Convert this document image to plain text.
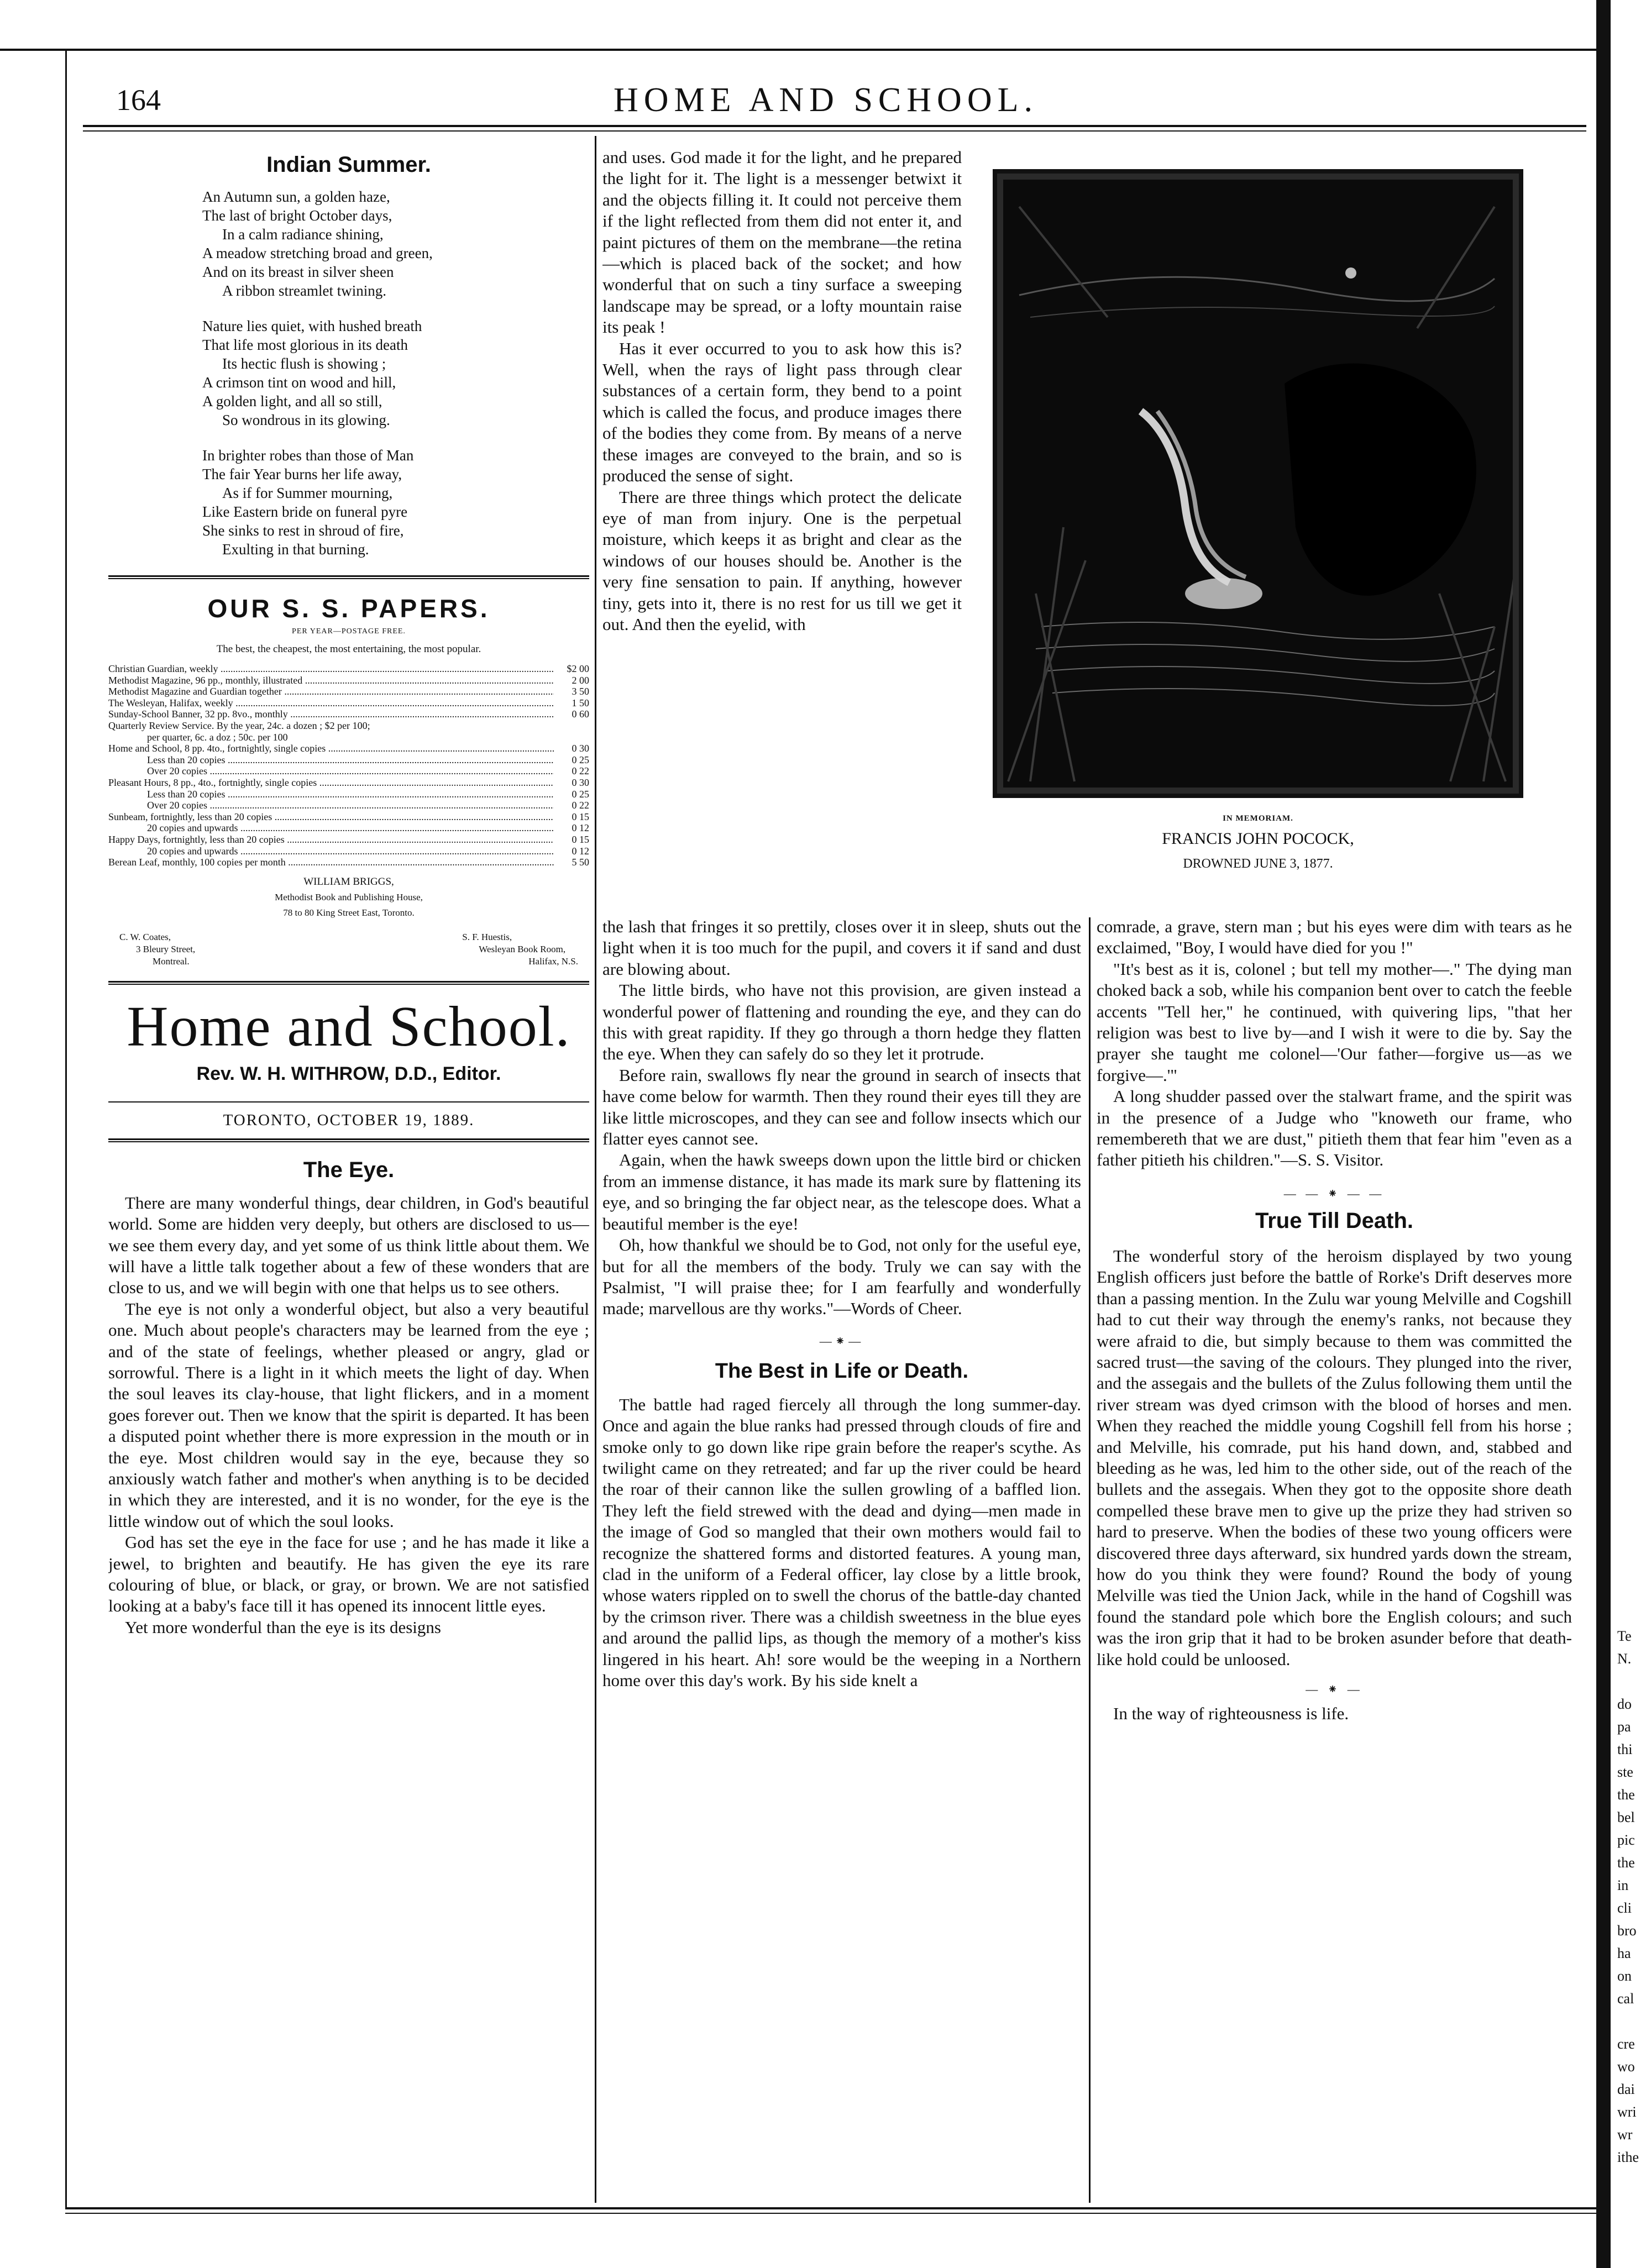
164	HOME AND SCHOOL.
Indian Summer.
An Autumn sun, a golden haze,
The last of bright October days,
In a calm radiance shining,
A meadow stretching broad and green,
And on its breast in silver sheen
A ribbon streamlet twining.
Nature lies quiet, with hushed breath
That life most glorious in its death
Its hectic flush is showing ;
A crimson tint on wood and hill,
A golden light, and all so still,
So wondrous in its glowing.
In brighter robes than those of Man
The fair Year burns her life away,
As if for Summer mourning,
Like Eastern bride on funeral pyre
She sinks to rest in shroud of fire,
Exulting in that burning.
OUR S. S. PAPERS.
PER YEAR—POSTAGE FREE.
The best, the cheapest, the most entertaining, the most popular.
Christian Guardian, weekly .....	$2 00
Methodist Magazine, 96 pp., monthly, illustrated .....	2 00
Methodist Magazine and Guardian together .....	3 50
The Wesleyan, Halifax, weekly .....	1 50
Sunday-School Banner, 32 pp. 8vo., monthly .....	0 60
Quarterly Review Service. By the year, 24c. a dozen ; $2 per 100;
per quarter, 6c. a doz ; 50c. per 100
Home and School, 8 pp. 4to., fortnightly, single copies .....	0 30
Less than 20 copies .....	0 25
Over 20 copies .....	0 22
Pleasant Hours, 8 pp., 4to., fortnightly, single copies .....	0 30
Less than 20 copies .....	0 25
Over 20 copies .....	0 22
Sunbeam, fortnightly, less than 20 copies .....	0 15
20 copies and upwards .....	0 12
Happy Days, fortnightly, less than 20 copies .....	0 15
20 copies and upwards .....	0 12
Berean Leaf, monthly, 100 copies per month .....	5 50
WILLIAM BRIGGS,
Methodist Book and Publishing House,
78 to 80 King Street East, Toronto.
C. W. Coates,
3 Bleury Street,
Montreal.
S. F. Huestis,
Wesleyan Book Room,
Halifax, N.S.
Home and School.
Rev. W. H. WITHROW, D.D., Editor.
TORONTO, OCTOBER 19, 1889.
The Eye.

There are many wonderful things, dear children, in God's beautiful world. Some are hidden very deeply, but others are disclosed to us—we see them every day, and yet some of us think little about them. We will have a little talk together about a few of these wonders that are close to us, and we will begin with one that helps us to see others.

The eye is not only a wonderful object, but also a very beautiful one. Much about people's characters may be learned from the eye ; and of the state of feelings, whether pleased or angry, glad or sorrowful. There is a light in it which meets the light of day. When the soul leaves its clay-house, that light flickers, and in a moment goes forever out. Then we know that the spirit is departed. It has been a disputed point whether there is more expression in the mouth or in the eye. Most children would say in the eye, because they so anxiously watch father and mother's when anything is to be decided in which they are interested, and it is no wonder, for the eye is the little window out of which the soul looks.

God has set the eye in the face for use ; and he has made it like a jewel, to brighten and beautify. He has given the eye its rare colouring of blue, or black, or gray, or brown. We are not satisfied looking at a baby's face till it has opened its innocent little eyes.

Yet more wonderful than the eye is its designs

and uses. God made it for the light, and he prepared the light for it. The light is a messenger betwixt it and the objects filling it. It could not perceive them if the light reflected from them did not enter it, and paint pictures of them on the membrane—the retina—which is placed back of the socket; and how wonderful that on such a tiny surface a sweeping landscape may be spread, or a lofty mountain raise its peak !

Has it ever occurred to you to ask how this is? Well, when the rays of light pass through clear substances of a certain form, they bend to a point which is called the focus, and produce images there of the bodies they come from. By means of a nerve these images are conveyed to the brain, and so is produced the sense of sight.

There are three things which protect the delicate eye of man from injury. One is the perpetual moisture, which keeps it as bright and clear as the windows of our houses should be. Another is the very fine sensation to pain. If anything, however tiny, gets into it, there is no rest for us till we get it out. And then the eyelid, with

IN MEMORIAM.
FRANCIS JOHN POCOCK,
DROWNED JUNE 3, 1877.

the lash that fringes it so prettily, closes over it in sleep, shuts out the light when it is too much for the pupil, and covers it if sand and dust are blowing about.

The little birds, who have not this provision, are given instead a wonderful power of flattening and rounding the eye, and they can do this with great rapidity. If they go through a thorn hedge they flatten the eye. When they can safely do so they let it protrude.

Before rain, swallows fly near the ground in search of insects that have come below for warmth. Then they round their eyes till they are like little microscopes, and they can see and follow insects which our flatter eyes cannot see.

Again, when the hawk sweeps down upon the little bird or chicken from an immense distance, it has made its mark sure by flattening its eye, and so bringing the far object near, as the telescope does. What a beautiful member is the eye!

Oh, how thankful we should be to God, not only for the useful eye, but for all the members of the body. Truly we can say with the Psalmist, "I will praise thee; for I am fearfully and wonderfully made; marvellous are thy works."—Words of Cheer.

—⁕—
The Best in Life or Death.

The battle had raged fiercely all through the long summer-day. Once and again the blue ranks had pressed through clouds of fire and smoke only to go down like ripe grain before the reaper's scythe. As twilight came on they retreated; and far up the river could be heard the roar of their cannon like the sullen growling of a baffled lion. They left the field strewed with the dead and dying—men made in the image of God so mangled that their own mothers would fail to recognize the shattered forms and distorted features. A young man, clad in the uniform of a Federal officer, lay close by a little brook, whose waters rippled on to swell the chorus of the battle-day chanted by the crimson river. There was a childish sweetness in the blue eyes and around the pallid lips, as though the memory of a mother's kiss lingered in his heart. Ah! sore would be the weeping in a Northern home over this day's work. By his side knelt a

comrade, a grave, stern man ; but his eyes were dim with tears as he exclaimed, "Boy, I would have died for you !"

"It's best as it is, colonel ; but tell my mother—." The dying man choked back a sob, while his companion bent over to catch the feeble accents "Tell her," he continued, with quivering lips, "that her religion was best to live by—and I wish it were to die by. Say the prayer she taught me colonel—'Our father—forgive us—as we forgive—.'"

A long shudder passed over the stalwart frame, and the spirit was in the presence of a Judge who "knoweth our frame, who remembereth that we are dust," pitieth them that fear him "even as a father pitieth his children."—S. S. Visitor.

— — ⁕ — —
True Till Death.

The wonderful story of the heroism displayed by two young English officers just before the battle of Rorke's Drift deserves more than a passing mention. In the Zulu war young Melville and Cogshill had to cut their way through the enemy's ranks, not because they were afraid to die, but simply because to them was committed the sacred trust—the saving of the colours. They plunged into the river, and the assegais and the bullets of the Zulus following them until the river stream was dyed crimson with the blood of horses and men. When they reached the middle young Cogshill fell from his horse ; and Melville, his comrade, put his hand down, and, stabbed and bleeding as he was, led him to the other side, out of the reach of the bullets and the assegais. When they got to the opposite shore death compelled these brave men to give up the prize they had striven so hard to preserve. When the bodies of these two young officers were discovered three days afterward, six hundred yards down the stream, how do you think they were found? Round the body of young Melville was tied the Union Jack, while in the hand of Cogshill was found the standard pole which bore the English colours; and such was the iron grip that it had to be broken asunder before that death-like hold could be unloosed.

— ⁕ —

In the way of righteousness is life.

Te
N.
do
pa
thi
ste
the
bel
pic
the
in
cli
bro
ha
on
cal
cre
wo
dai
wri
wr
ithe
